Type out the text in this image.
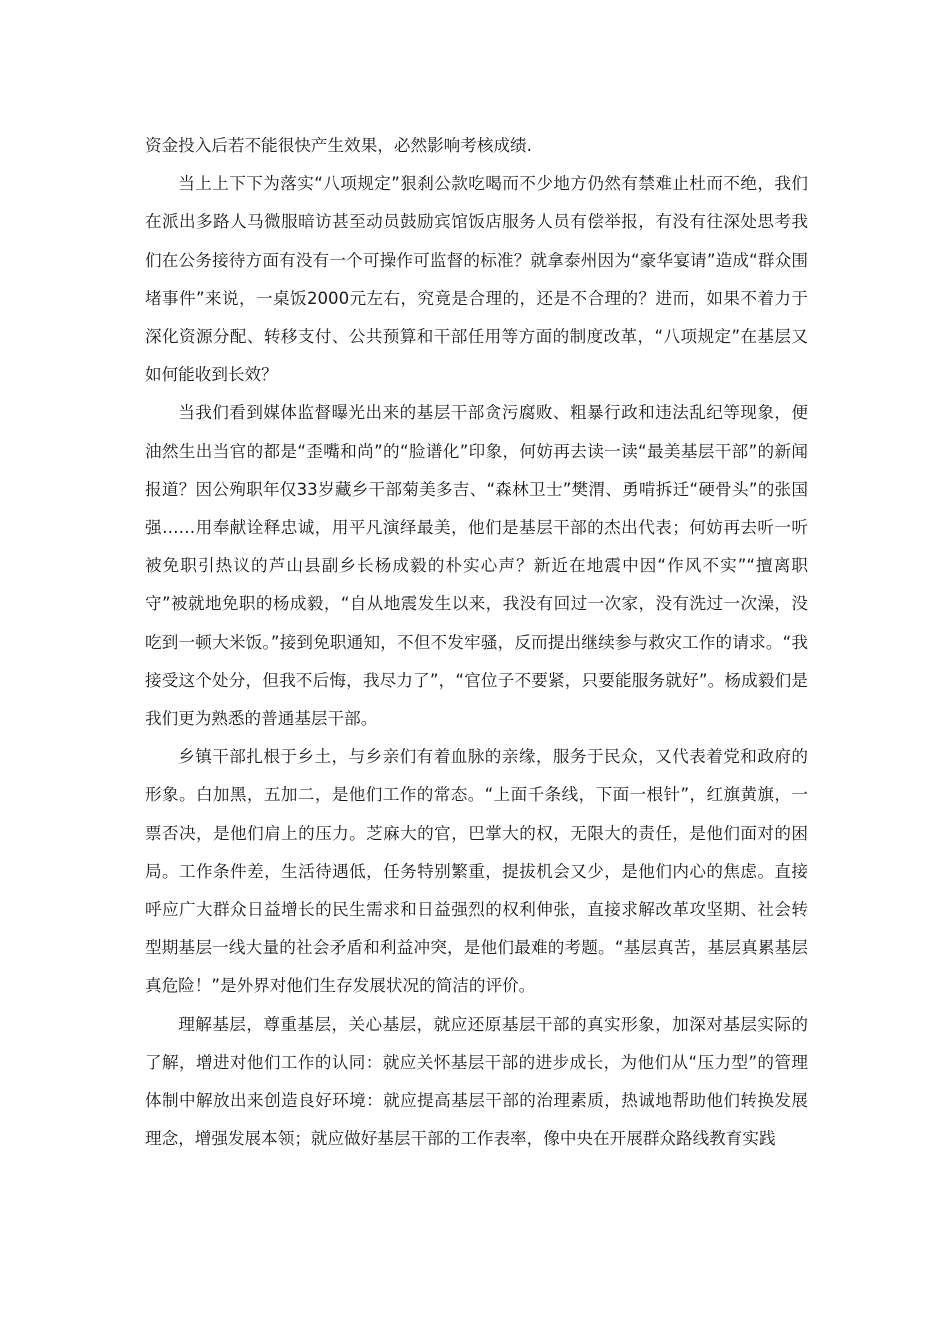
资金投入后若不能很快产生效果，必然影响考核成绩.

当上上下下为落实“八项规定”狠刹公款吃喝而不少地方仍然有禁难止杜而不绝，我们在派出多路人马微服暗访甚至动员鼓励宾馆饭店服务人员有偿举报，有没有往深处思考我们在公务接待方面有没有一个可操作可监督的标准？就拿泰州因为“豪华宴请”造成“群众围堵事件”来说，一桌饭2000元左右，究竟是合理的，还是不合理的？进而，如果不着力于深化资源分配、转移支付、公共预算和干部任用等方面的制度改革，“八项规定”在基层又如何能收到长效？

当我们看到媒体监督曝光出来的基层干部贪污腐败、粗暴行政和违法乱纪等现象，便油然生出当官的都是“歪嘴和尚”的“脸谱化”印象，何妨再去读一读“最美基层干部”的新闻报道？因公殉职年仅33岁藏乡干部菊美多吉、“森林卫士”樊渭、勇啃拆迁“硬骨头”的张国强……用奉献诠释忠诚，用平凡演绎最美，他们是基层干部的杰出代表；何妨再去听一听被免职引热议的芦山县副乡长杨成毅的朴实心声？新近在地震中因“作风不实”“擅离职守”被就地免职的杨成毅，“自从地震发生以来，我没有回过一次家，没有洗过一次澡，没吃到一顿大米饭。”接到免职通知，不但不发牢骚，反而提出继续参与救灾工作的请求。“我接受这个处分，但我不后悔，我尽力了”，“官位子不要紧，只要能服务就好”。杨成毅们是我们更为熟悉的普通基层干部。

乡镇干部扎根于乡土，与乡亲们有着血脉的亲缘，服务于民众，又代表着党和政府的形象。白加黑，五加二，是他们工作的常态。“上面千条线，下面一根针”，红旗黄旗，一票否决，是他们肩上的压力。芝麻大的官，巴掌大的权，无限大的责任，是他们面对的困局。工作条件差，生活待遇低，任务特别繁重，提拔机会又少，是他们内心的焦虑。直接呼应广大群众日益增长的民生需求和日益强烈的权利伸张，直接求解改革攻坚期、社会转型期基层一线大量的社会矛盾和利益冲突，是他们最难的考题。“基层真苦，基层真累基层真危险！”是外界对他们生存发展状况的简洁的评价。

理解基层，尊重基层，关心基层，就应还原基层干部的真实形象，加深对基层实际的了解，增进对他们工作的认同：就应关怀基层干部的进步成长，为他们从“压力型”的管理体制中解放出来创造良好环境：就应提高基层干部的治理素质，热诚地帮助他们转换发展理念，增强发展本领；就应做好基层干部的工作表率，像中央在开展群众路线教育实践
